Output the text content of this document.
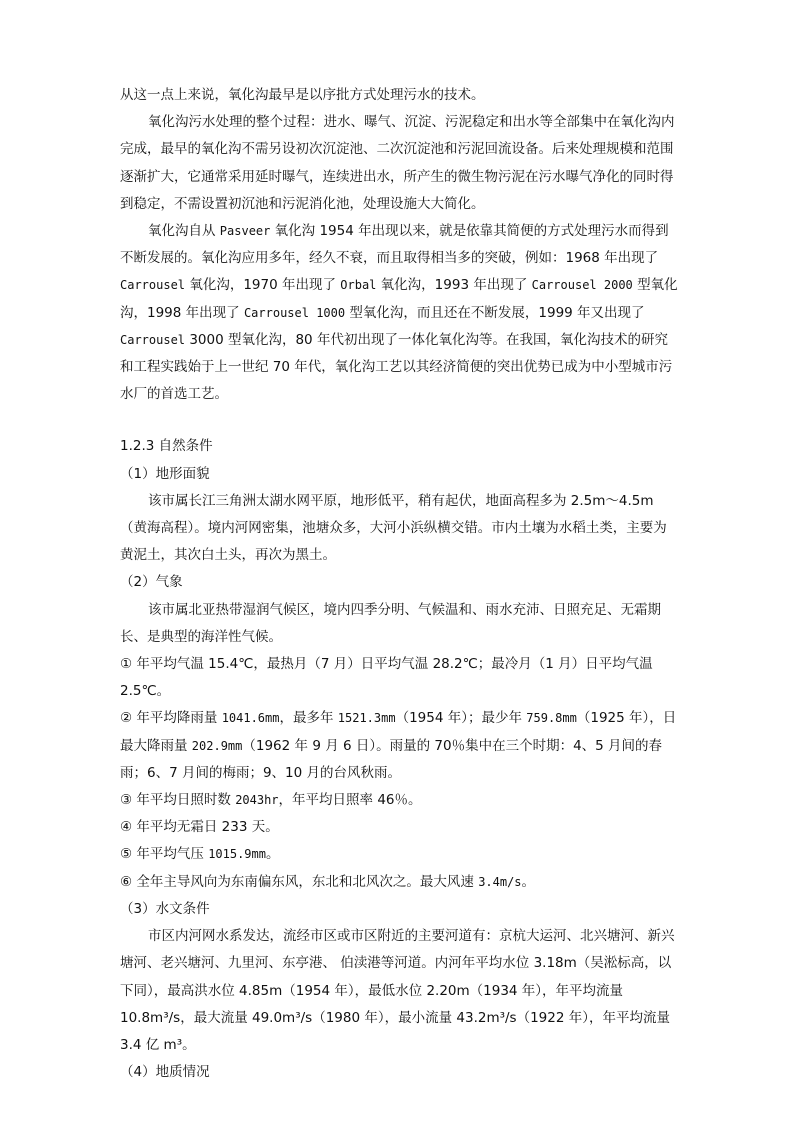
从这一点上来说，氧化沟最早是以序批方式处理污水的技术。

氧化沟污水处理的整个过程：进水、曝气、沉淀、污泥稳定和出水等全部集中在氧化沟内完成，最早的氧化沟不需另设初次沉淀池、二次沉淀池和污泥回流设备。后来处理规模和范围逐渐扩大，它通常采用延时曝气，连续进出水，所产生的微生物污泥在污水曝气净化的同时得到稳定，不需设置初沉池和污泥消化池，处理设施大大简化。

氧化沟自从 Pasveer 氧化沟 1954 年出现以来，就是依靠其简便的方式处理污水而得到不断发展的。氧化沟应用多年，经久不衰，而且取得相当多的突破，例如：1968 年出现了 Carrousel 氧化沟，1970 年出现了 Orbal 氧化沟，1993 年出现了 Carrousel 2000 型氧化沟，1998 年出现了 Carrousel 1000 型氧化沟，而且还在不断发展，1999 年又出现了 Carrousel 3000 型氧化沟，80 年代初出现了一体化氧化沟等。在我国，氧化沟技术的研究和工程实践始于上一世纪 70 年代，氧化沟工艺以其经济简便的突出优势已成为中小型城市污水厂的首选工艺。

1.2.3 自然条件

（1）地形面貌

该市属长江三角洲太湖水网平原，地形低平，稍有起伏，地面高程多为 2.5m～4.5m（黄海高程）。境内河网密集，池塘众多，大河小浜纵横交错。市内土壤为水稻土类，主要为黄泥土，其次白土头，再次为黑土。

（2）气象

该市属北亚热带湿润气候区，境内四季分明、气候温和、雨水充沛、日照充足、无霜期长、是典型的海洋性气候。

① 年平均气温 15.4℃，最热月（7 月）日平均气温 28.2℃；最冷月（1 月）日平均气温 2.5℃。

② 年平均降雨量 1041.6mm，最多年 1521.3mm（1954 年）；最少年 759.8mm（1925 年），日最大降雨量 202.9mm（1962 年 9 月 6 日）。雨量的 70％集中在三个时期：4、5 月间的春雨；6、7 月间的梅雨；9、10 月的台风秋雨。

③ 年平均日照时数 2043hr，年平均日照率 46％。

④ 年平均无霜日 233 天。

⑤ 年平均气压 1015.9mm。

⑥ 全年主导风向为东南偏东风，东北和北风次之。最大风速 3.4m/s。

（3）水文条件

市区内河网水系发达，流经市区或市区附近的主要河道有：京杭大运河、北兴塘河、新兴塘河、老兴塘河、九里河、东亭港、 伯渎港等河道。内河年平均水位 3.18m（吴淞标高，以下同），最高洪水位 4.85m（1954 年），最低水位 2.20m（1934 年），年平均流量 10.8m³/s，最大流量 49.0m³/s（1980 年），最小流量 43.2m³/s（1922 年），年平均流量 3.4 亿 m³。

（4）地质情况
